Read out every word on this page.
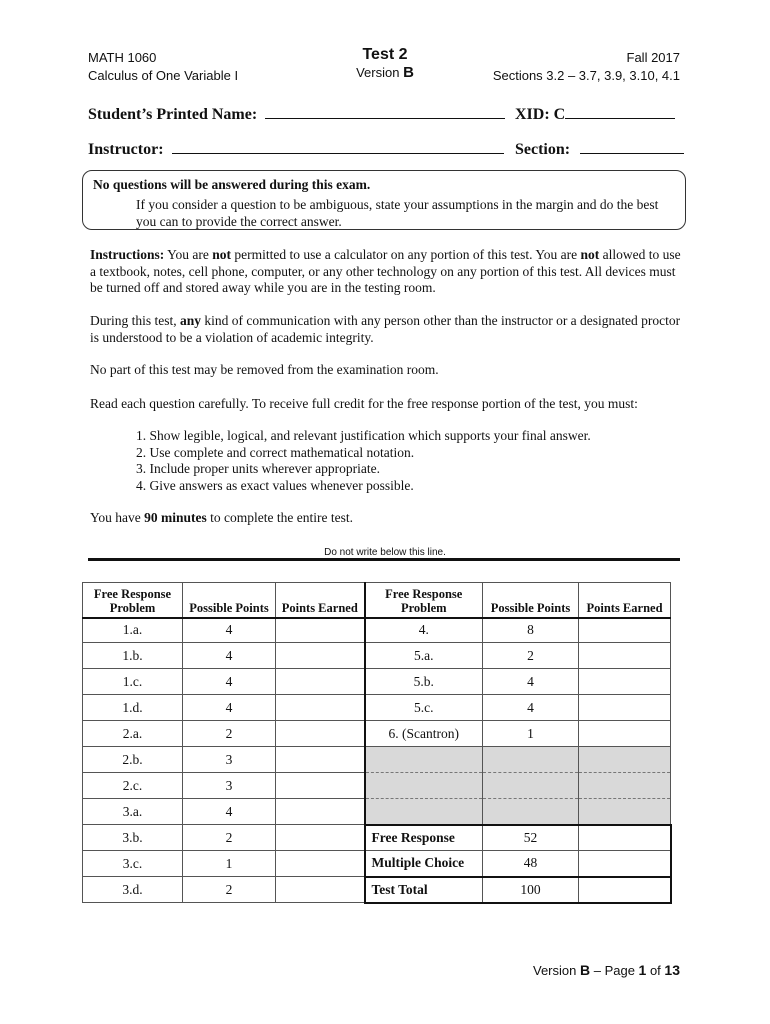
MATH 1060
Calculus of One Variable I
Test 2
Version B
Fall 2017
Sections 3.2 – 3.7, 3.9, 3.10, 4.1
Student’s Printed Name:	XID: C
Instructor:	Section:
No questions will be answered during this exam.
If you consider a question to be ambiguous, state your assumptions in the margin and do the best you can to provide the correct answer.
Instructions: You are not permitted to use a calculator on any portion of this test. You are not allowed to use a textbook, notes, cell phone, computer, or any other technology on any portion of this test. All devices must be turned off and stored away while you are in the testing room.
During this test, any kind of communication with any person other than the instructor or a designated proctor is understood to be a violation of academic integrity.
No part of this test may be removed from the examination room.
Read each question carefully. To receive full credit for the free response portion of the test, you must:
1. Show legible, logical, and relevant justification which supports your final answer.
2. Use complete and correct mathematical notation.
3. Include proper units wherever appropriate.
4. Give answers as exact values whenever possible.
You have 90 minutes to complete the entire test.
Do not write below this line.
Free Response Problem	Possible Points	Points Earned	Free Response Problem	Possible Points	Points Earned
1.a.	4		4.	8	
1.b.	4		5.a.	2	
1.c.	4		5.b.	4	
1.d.	4		5.c.	4	
2.a.	2		6. (Scantron)	1	
2.b.	3				
2.c.	3				
3.a.	4				
3.b.	2		Free Response	52	
3.c.	1		Multiple Choice	48	
3.d.	2		Test Total	100	
Version B – Page 1 of 13
